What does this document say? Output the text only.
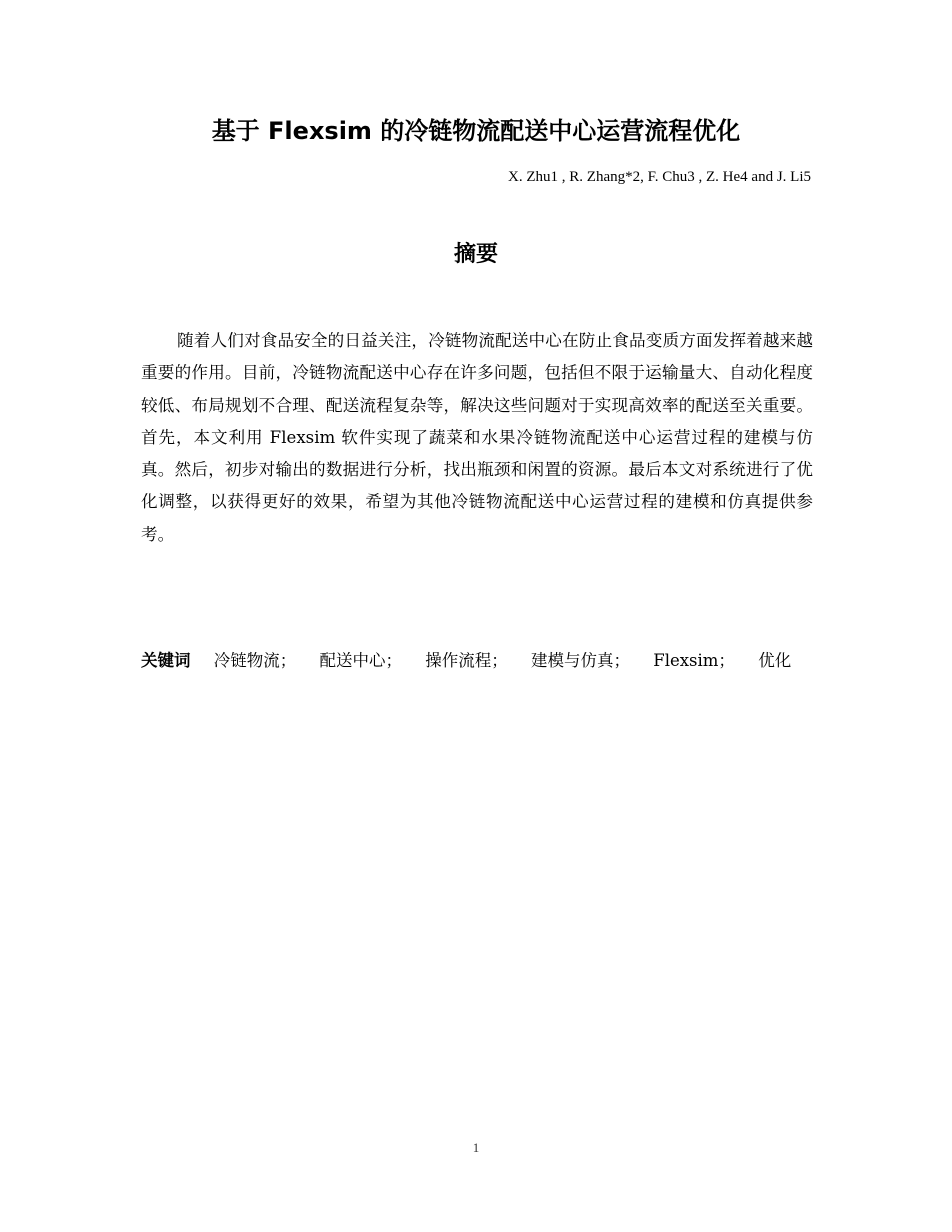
基于 Flexsim 的冷链物流配送中心运营流程优化

X. Zhu1 , R. Zhang*2, F. Chu3 , Z. He4 and J. Li5

摘要

随着人们对食品安全的日益关注，冷链物流配送中心在防止食品变质方面发挥着越来越重要的作用。目前，冷链物流配送中心存在许多问题，包括但不限于运输量大、自动化程度较低、布局规划不合理、配送流程复杂等，解决这些问题对于实现高效率的配送至关重要。首先，本文利用 Flexsim 软件实现了蔬菜和水果冷链物流配送中心运营过程的建模与仿真。然后，初步对输出的数据进行分析，找出瓶颈和闲置的资源。最后本文对系统进行了优化调整，以获得更好的效果，希望为其他冷链物流配送中心运营过程的建模和仿真提供参考。

关键词 冷链物流； 配送中心； 操作流程； 建模与仿真； Flexsim； 优化

1
